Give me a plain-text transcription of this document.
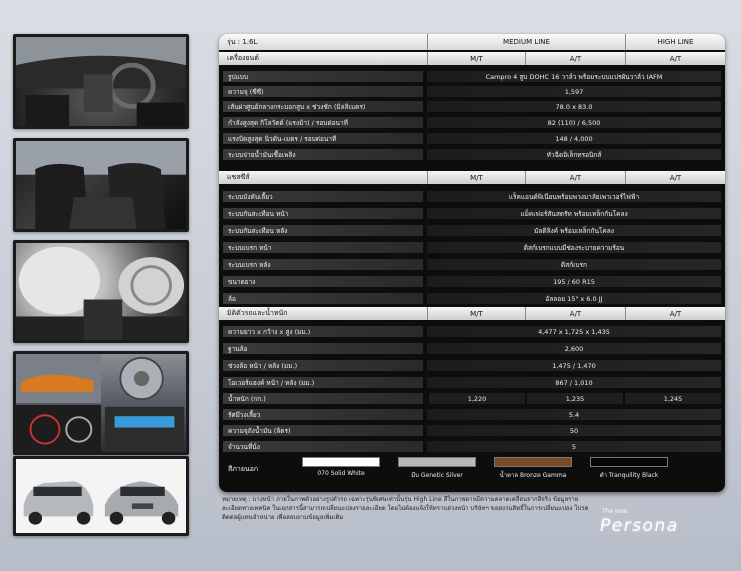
รุ่น : 1.6L	MEDIUM LINE	HIGH LINE
เครื่องยนต์	M/T	A/T	A/T
รูปแบบ	Campro 4 สูบ DOHC 16 วาล์ว พร้อมระบบแปรผันวาล์ว IAFM
ความจุ (ซีซี)	1,597
เส้นผ่าศูนย์กลางกระบอกสูบ x ช่วงชัก (มิลลิเมตร)	78.0 x 83.0
กำลังสูงสุด กิโลวัตต์ (แรงม้า) / รอบต่อนาที	82 (110) / 6,500
แรงบิดสูงสุด นิวตัน-เมตร / รอบต่อนาที	148 / 4,000
ระบบจ่ายน้ำมันเชื้อเพลิง	หัวฉีดอิเล็กทรอนิกส์
แชสซีส์	M/T	A/T	A/T
ระบบบังคับเลี้ยว	แร็คแอนด์พิเนียนพร้อมพวงมาลัยเพาเวอร์ไฟฟ้า
ระบบกันสะเทือน หน้า	แม็คเฟอร์สันสตรัท พร้อมเหล็กกันโคลง
ระบบกันสะเทือน หลัง	มัลติลิงค์ พร้อมเหล็กกันโคลง
ระบบเบรก หน้า	ดิสก์เบรกแบบมีช่องระบายความร้อน
ระบบเบรก หลัง	ดิสก์เบรก
ขนาดยาง	195 / 60 R15
ล้อ	อัลลอย 15" x 6.0 JJ
มิติตัวรถและน้ำหนัก	M/T	A/T	A/T
ความยาว x กว้าง x สูง (มม.)	4,477 x 1,725 x 1,435
ฐานล้อ	2,600
ช่วงล้อ หน้า / หลัง (มม.)	1,475 / 1,470
โอเวอร์แฮงค์ หน้า / หลัง (มม.)	867 / 1,010
น้ำหนัก (กก.)	1,220	1,235	1,245
รัศมีวงเลี้ยว	5.4
ความจุถังน้ำมัน (ลิตร)	50
จำนวนที่นั่ง	5
สีภายนอก
070 Solid White	มีบ Genetic Silver	น้ำตาล Bronze Gamma	ดำ Tranquility Black
หมายเหตุ : บางหน้า ภายในภาพตัวอย่างรูปตัวรถ เฉพาะรุ่นพิเศษเท่านั้นรุ่น High Line สีในภาพอาจมีความคลาดเคลื่อนจากสีจริง ข้อมูลรายละเอียดทางเทคนิค ในเอกสารนี้สามารถเปลี่ยนแปลงรายละเอียด โดยไม่ต้องแจ้งให้ทราบล่วงหน้า บริษัทฯ ขอสงวนสิทธิ์ในการเปลี่ยนแปลง โปรดติดต่อผู้แทนจำหน่าย เพื่อสอบถามข้อมูลเพิ่มเติม
The new
Persona
